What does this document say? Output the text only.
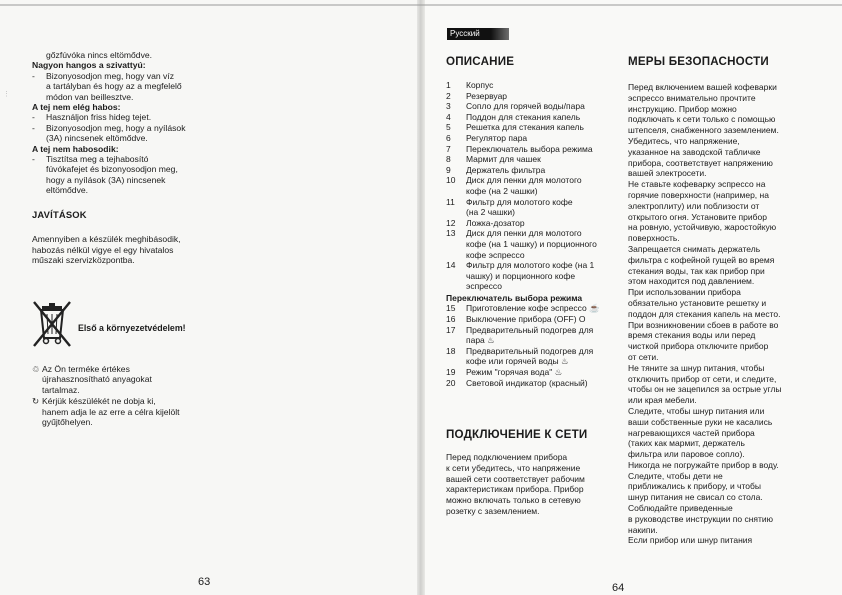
⋮
gőzfúvóka nincs eltömődve.
Nagyon hangos a szivattyú:
- Bizonyosodjon meg, hogy van víz
a tartályban és hogy az a megfelelő
módon van beillesztve.
A tej nem elég habos:
- Használjon friss hideg tejet.
- Bizonyosodjon meg, hogy a nyílások
(3A) nincsenek eltömődve.
A tej nem habosodik:
- Tisztítsa meg a tejhabosító
fúvókafejet és bizonyosodjon meg,
hogy a nyílások (3A) nincsenek
eltömődve.
JAVÍTÁSOK
Amennyiben a készülék meghibásodik,
habozás nélkül vigye el egy hivatalos
műszaki szervizközpontba.
Első a környezetvédelem!
♲ Az Ön terméke értékes
újrahasznosítható anyagokat
tartalmaz.
↻ Kérjük készülékét ne dobja ki,
hanem adja le az erre a célra kijelölt
gyűjtőhelyen.
63
Русский
ОПИСАНИЕ
1 Корпус
2 Резервуар
3 Сопло для горячей воды/пара
4 Поддон для стекания капель
5 Решетка для стекания капель
6 Регулятор пара
7 Переключатель выбора режима
8 Мармит для чашек
9 Держатель фильтра
10 Диск для пенки для молотого
кофе (на 2 чашки)
11 Фильтр для молотого кофе
(на 2 чашки)
12 Ложка-дозатор
13 Диск для пенки для молотого
кофе (на 1 чашку) и порционного
кофе эспрессо
14 Фильтр для молотого кофе (на 1
чашку) и порционного кофе
эспрессо
Переключатель выбора режима
15 Приготовление кофе эспрессо ☕
16 Выключение прибора (OFF) O
17 Предварительный подогрев для
пара ♨
18 Предварительный подогрев для
кофе или горячей воды ♨
19 Режим "горячая вода" ♨
20 Световой индикатор (красный)
ПОДКЛЮЧЕНИЕ К СЕТИ
Перед подключением прибора
к сети убедитесь, что напряжение
вашей сети соответствует рабочим
характеристикам прибора. Прибор
можно включать только в сетевую
розетку с заземлением.
МЕРЫ БЕЗОПАСНОСТИ
Перед включением вашей кофеварки
эспрессо внимательно прочтите
инструкцию. Прибор можно
подключать к сети только с помощью
штепселя, снабженного заземлением.
Убедитесь, что напряжение,
указанное на заводской табличке
прибора, соответствует напряжению
вашей электросети.
Не ставьте кофеварку эспрессо на
горячие поверхности (например, на
электроплиту) или поблизости от
открытого огня. Установите прибор
на ровную, устойчивую, жаростойкую
поверхность.
Запрещается снимать держатель
фильтра с кофейной гущей во время
стекания воды, так как прибор при
этом находится под давлением.
При использовании прибора
обязательно установите решетку и
поддон для стекания капель на место.
При возникновении сбоев в работе во
время стекания воды или перед
чисткой прибора отключите прибор
от сети.
Не тяните за шнур питания, чтобы
отключить прибор от сети, и следите,
чтобы он не зацепился за острые углы
или края мебели.
Следите, чтобы шнур питания или
ваши собственные руки не касались
нагревающихся частей прибора
(таких как мармит, держатель
фильтра или паровое сопло).
Никогда не погружайте прибор в воду.
Следите, чтобы дети не
приближались к прибору, и чтобы
шнур питания не свисал со стола.
Соблюдайте приведенные
в руководстве инструкции по снятию
накипи.
Если прибор или шнур питания
64
